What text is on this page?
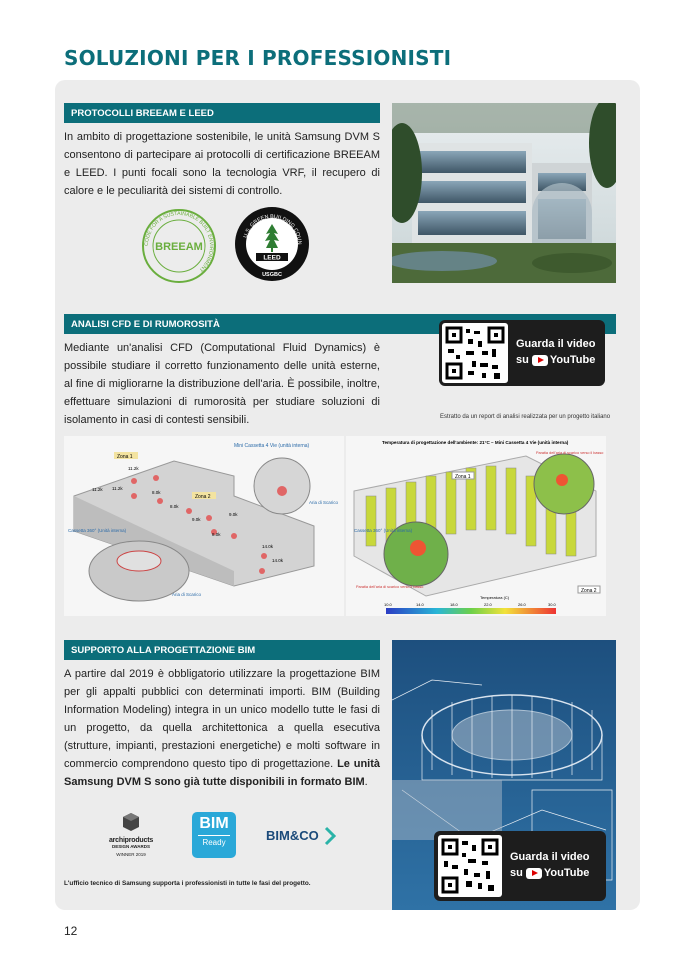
SOLUZIONI PER I PROFESSIONISTI
PROTOCOLLI BREEAM E LEED
In ambito di progettazione sostenibile, le unità Samsung DVM S consentono di partecipare ai protocolli di certificazione BREEAM e LEED. I punti focali sono la tecnologia VRF, il recupero di calore e le peculiarità dei sistemi di controllo.
CODE FOR A SUSTAINABLE BUILT ENVIRONMENT
BREEAM
U.S. GREEN BUILDING COUN
LEED
USGBC
ANALISI CFD E DI RUMOROSITÀ
Mediante un'analisi CFD (Computational Fluid Dynamics) è possibile studiare il corretto funzionamento delle unità esterne, al fine di migliorarne la distribuzione dell'aria. È possibile, inoltre, effettuare simulazioni di rumorosità per studiare soluzioni di isolamento in casi di contesti sensibili.
Guarda il video
su YouTube
Estratto da un report di analisi realizzata per un progetto italiano
Zona 1
Zona 2
Mini Cassetta 4 Vie (unità interna)
Aria di Scarico
Aria di Scarico
Cassetta 360° (Unità interna)
11.2k
11.2k
11.2k
8.0k
8.0k
9.0k
8.0k
9.0k
14.0k
14.0k
Temperatura di progettazione dell'ambiente: 21°C – Mini Cassetta 4 Vie (unità interna)
Zona 1
Zona 2
Paratia dell'aria di scarico verso il basso
Paratia dell'aria di scarico verso il basso
Cassetta 360° (Unità interna)
Temperatura (C)
10.0	14.0	18.0	22.0	26.0	30.0
SUPPORTO ALLA PROGETTAZIONE BIM
A partire dal 2019 è obbligatorio utilizzare la progettazione BIM per gli appalti pubblici con determinati importi. BIM (Building Information Modeling) integra in un unico modello tutte le fasi di un progetto, da quella architettonica a quella esecutiva (strutture, impianti, prestazioni energetiche) e molti software in commercio comprendono questo tipo di progettazione. Le unità Samsung DVM S sono già tutte disponibili in formato BIM.
archiproducts
DESIGN AWARDS
WINNER 2019
BIM
Ready	BIM&CO
L'ufficio tecnico di Samsung supporta i professionisti in tutte le fasi del progetto.
Guarda il video
su YouTube
12
